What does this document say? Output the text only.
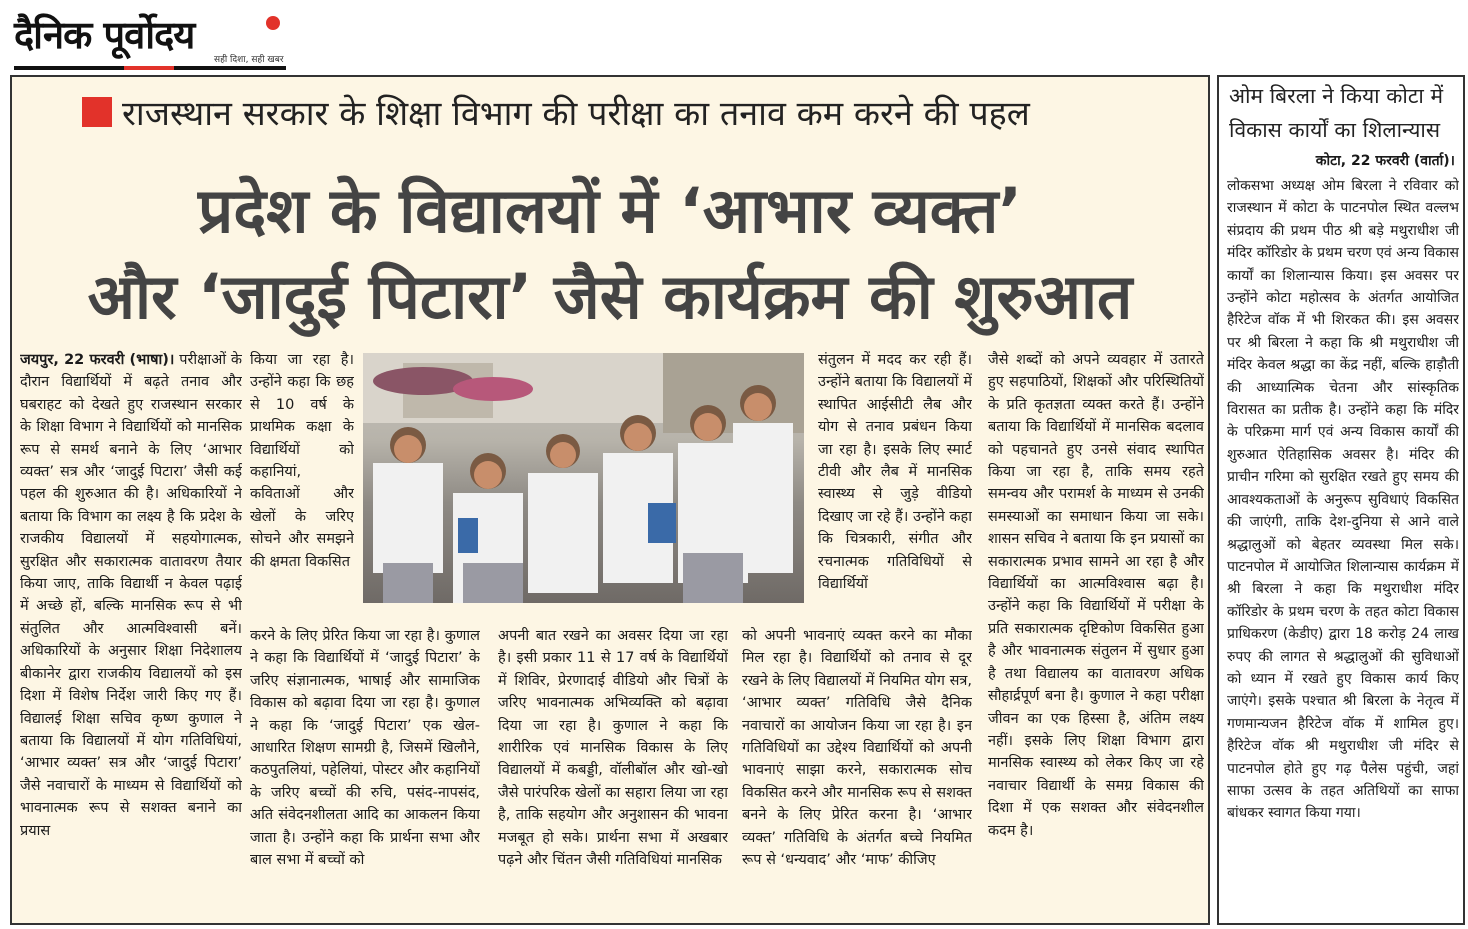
दैनिक पूर्वोदय
सही दिशा, सही खबर
राजस्थान सरकार के शिक्षा विभाग की परीक्षा का तनाव कम करने की पहल
प्रदेश के विद्यालयों में ‘आभार व्यक्त’
और ‘जादुई पिटारा’ जैसे कार्यक्रम की शुरुआत

जयपुर, 22 फरवरी (भाषा)। परीक्षाओं के दौरान विद्यार्थियों में बढ़ते तनाव और घबराहट को देखते हुए राजस्थान सरकार के शिक्षा विभाग ने विद्यार्थियों को मानसिक रूप से समर्थ बनाने के लिए ‘आभार व्यक्त’ सत्र और ‘जादुई पिटारा’ जैसी कई पहल की शुरुआत की है। अधिकारियों ने बताया कि विभाग का लक्ष्य है कि प्रदेश के राजकीय विद्यालयों में सहयोगात्मक, सुरक्षित और सकारात्मक वातावरण तैयार किया जाए, ताकि विद्यार्थी न केवल पढ़ाई में अच्छे हों, बल्कि मानसिक रूप से भी संतुलित और आत्मविश्वासी बनें। अधिकारियों के अनुसार शिक्षा निदेशालय बीकानेर द्वारा राजकीय विद्यालयों को इस दिशा में विशेष निर्देश जारी किए गए हैं। विद्यालई शिक्षा सचिव कृष्ण कुणाल ने बताया कि विद्यालयों में योग गतिविधियां, ‘आभार व्यक्त’ सत्र और ‘जादुई पिटारा’ जैसे नवाचारों के माध्यम से विद्यार्थियों को भावनात्मक रूप से सशक्त बनाने का प्रयास

किया जा रहा है। उन्होंने कहा कि छह से 10 वर्ष के प्राथमिक कक्षा के विद्यार्थियों को कहानियां, कविताओं और खेलों के जरिए सोचने और समझने की क्षमता विकसित

करने के लिए प्रेरित किया जा रहा है। कुणाल ने कहा कि विद्यार्थियों में ‘जादुई पिटारा’ के जरिए संज्ञानात्मक, भाषाई और सामाजिक विकास को बढ़ावा दिया जा रहा है। कुणाल ने कहा कि ‘जादुई पिटारा’ एक खेल-आधारित शिक्षण सामग्री है, जिसमें खिलौने, कठपुतलियां, पहेलियां, पोस्टर और कहानियों के जरिए बच्चों की रुचि, पसंद-नापसंद, अति संवेदनशीलता आदि का आकलन किया जाता है। उन्होंने कहा कि प्रार्थना सभा और बाल सभा में बच्चों को

अपनी बात रखने का अवसर दिया जा रहा है। इसी प्रकार 11 से 17 वर्ष के विद्यार्थियों में शिविर, प्रेरणादाई वीडियो और चित्रों के जरिए भावनात्मक अभिव्यक्ति को बढ़ावा दिया जा रहा है। कुणाल ने कहा कि शारीरिक एवं मानसिक विकास के लिए विद्यालयों में कबड्डी, वॉलीबॉल और खो-खो जैसे पारंपरिक खेलों का सहारा लिया जा रहा है, ताकि सहयोग और अनुशासन की भावना मजबूत हो सके। प्रार्थना सभा में अखबार पढ़ने और चिंतन जैसी गतिविधियां मानसिक

संतुलन में मदद कर रही हैं। उन्होंने बताया कि विद्यालयों में स्थापित आईसीटी लैब और योग से तनाव प्रबंधन किया जा रहा है। इसके लिए स्मार्ट टीवी और लैब में मानसिक स्वास्थ्य से जुड़े वीडियो दिखाए जा रहे हैं। उन्होंने कहा कि चित्रकारी, संगीत और रचनात्मक गतिविधियों से विद्यार्थियों

को अपनी भावनाएं व्यक्त करने का मौका मिल रहा है। विद्यार्थियों को तनाव से दूर रखने के लिए विद्यालयों में नियमित योग सत्र, ‘आभार व्यक्त’ गतिविधि जैसे दैनिक नवाचारों का आयोजन किया जा रहा है। इन गतिविधियों का उद्देश्य विद्यार्थियों को अपनी भावनाएं साझा करने, सकारात्मक सोच विकसित करने और मानसिक रूप से सशक्त बनने के लिए प्रेरित करना है। ‘आभार व्यक्त’ गतिविधि के अंतर्गत बच्चे नियमित रूप से ‘धन्यवाद’ और ‘माफ’ कीजिए

जैसे शब्दों को अपने व्यवहार में उतारते हुए सहपाठियों, शिक्षकों और परिस्थितियों के प्रति कृतज्ञता व्यक्त करते हैं। उन्होंने बताया कि विद्यार्थियों में मानसिक बदलाव को पहचानते हुए उनसे संवाद स्थापित किया जा रहा है, ताकि समय रहते समन्वय और परामर्श के माध्यम से उनकी समस्याओं का समाधान किया जा सके। शासन सचिव ने बताया कि इन प्रयासों का सकारात्मक प्रभाव सामने आ रहा है और विद्यार्थियों का आत्मविश्वास बढ़ा है। उन्होंने कहा कि विद्यार्थियों में परीक्षा के प्रति सकारात्मक दृष्टिकोण विकसित हुआ है और भावनात्मक संतुलन में सुधार हुआ है तथा विद्यालय का वातावरण अधिक सौहार्द्रपूर्ण बना है। कुणाल ने कहा परीक्षा जीवन का एक हिस्सा है, अंतिम लक्ष्य नहीं। इसके लिए शिक्षा विभाग द्वारा मानसिक स्वास्थ्य को लेकर किए जा रहे नवाचार विद्यार्थी के समग्र विकास की दिशा में एक सशक्त और संवेदनशील कदम है।

ओम बिरला ने किया कोटा में विकास कार्यों का शिलान्यास
कोटा, 22 फरवरी (वार्ता)।

लोकसभा अध्यक्ष ओम बिरला ने रविवार को राजस्थान में कोटा के पाटनपोल स्थित वल्लभ संप्रदाय की प्रथम पीठ श्री बड़े मथुराधीश जी मंदिर कॉरिडोर के प्रथम चरण एवं अन्य विकास कार्यों का शिलान्यास किया। इस अवसर पर उन्होंने कोटा महोत्सव के अंतर्गत आयोजित हैरिटेज वॉक में भी शिरकत की। इस अवसर पर श्री बिरला ने कहा कि श्री मथुराधीश जी मंदिर केवल श्रद्धा का केंद्र नहीं, बल्कि हाड़ौती की आध्यात्मिक चेतना और सांस्कृतिक विरासत का प्रतीक है। उन्होंने कहा कि मंदिर के परिक्रमा मार्ग एवं अन्य विकास कार्यों की शुरुआत ऐतिहासिक अवसर है। मंदिर की प्राचीन गरिमा को सुरक्षित रखते हुए समय की आवश्यकताओं के अनुरूप सुविधाएं विकसित की जाएंगी, ताकि देश-दुनिया से आने वाले श्रद्धालुओं को बेहतर व्यवस्था मिल सके। पाटनपोल में आयोजित शिलान्यास कार्यक्रम में श्री बिरला ने कहा कि मथुराधीश मंदिर कॉरिडोर के प्रथम चरण के तहत कोटा विकास प्राधिकरण (केडीए) द्वारा 18 करोड़ 24 लाख रुपए की लागत से श्रद्धालुओं की सुविधाओं को ध्यान में रखते हुए विकास कार्य किए जाएंगे। इसके पश्चात श्री बिरला के नेतृत्व में गणमान्यजन हैरिटेज वॉक में शामिल हुए। हैरिटेज वॉक श्री मथुराधीश जी मंदिर से पाटनपोल होते हुए गढ़ पैलेस पहुंची, जहां साफा उत्सव के तहत अतिथियों का साफा बांधकर स्वागत किया गया।
